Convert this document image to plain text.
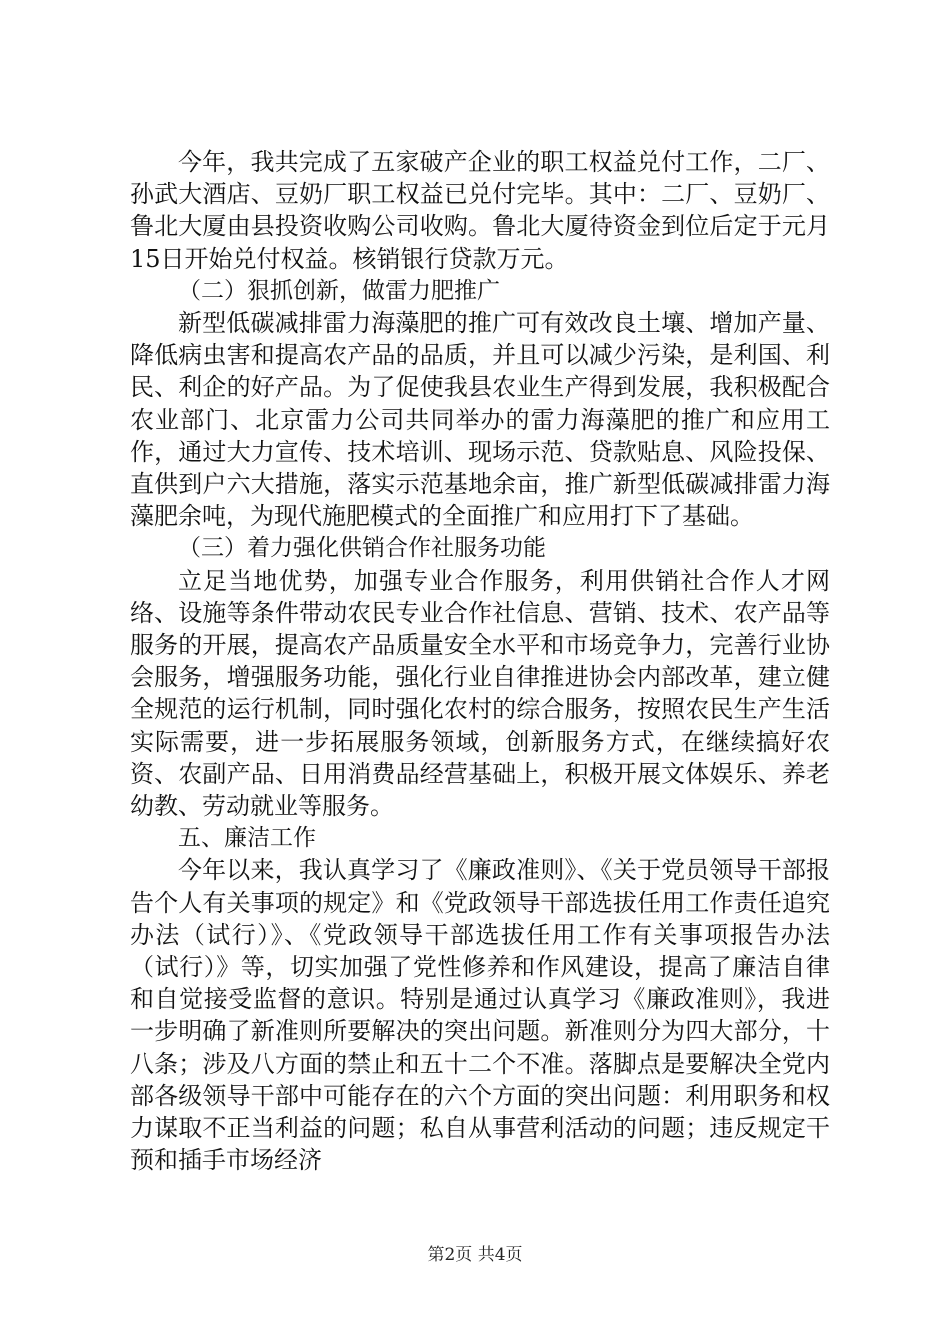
今年，我共完成了五家破产企业的职工权益兑付工作，二厂、孙武大酒店、豆奶厂职工权益已兑付完毕。其中：二厂、豆奶厂、鲁北大厦由县投资收购公司收购。鲁北大厦待资金到位后定于元月15日开始兑付权益。核销银行贷款万元。

（二）狠抓创新，做雷力肥推广

新型低碳减排雷力海藻肥的推广可有效改良土壤、增加产量、降低病虫害和提高农产品的品质，并且可以减少污染，是利国、利民、利企的好产品。为了促使我县农业生产得到发展，我积极配合农业部门、北京雷力公司共同举办的雷力海藻肥的推广和应用工作，通过大力宣传、技术培训、现场示范、贷款贴息、风险投保、直供到户六大措施，落实示范基地余亩，推广新型低碳减排雷力海藻肥余吨，为现代施肥模式的全面推广和应用打下了基础。

（三）着力强化供销合作社服务功能

立足当地优势，加强专业合作服务，利用供销社合作人才网络、设施等条件带动农民专业合作社信息、营销、技术、农产品等服务的开展，提高农产品质量安全水平和市场竞争力，完善行业协会服务，增强服务功能，强化行业自律推进协会内部改革，建立健全规范的运行机制，同时强化农村的综合服务，按照农民生产生活实际需要，进一步拓展服务领域，创新服务方式，在继续搞好农资、农副产品、日用消费品经营基础上，积极开展文体娱乐、养老幼教、劳动就业等服务。

五、廉洁工作

今年以来，我认真学习了《廉政准则》、《关于党员领导干部报告个人有关事项的规定》和《党政领导干部选拔任用工作责任追究办法（试行）》、《党政领导干部选拔任用工作有关事项报告办法（试行）》等，切实加强了党性修养和作风建设，提高了廉洁自律和自觉接受监督的意识。特别是通过认真学习《廉政准则》，我进一步明确了新准则所要解决的突出问题。新准则分为四大部分，十八条；涉及八方面的禁止和五十二个不准。落脚点是要解决全党内部各级领导干部中可能存在的六个方面的突出问题：利用职务和权力谋取不正当利益的问题；私自从事营利活动的问题；违反规定干预和插手市场经济

第2页 共4页
